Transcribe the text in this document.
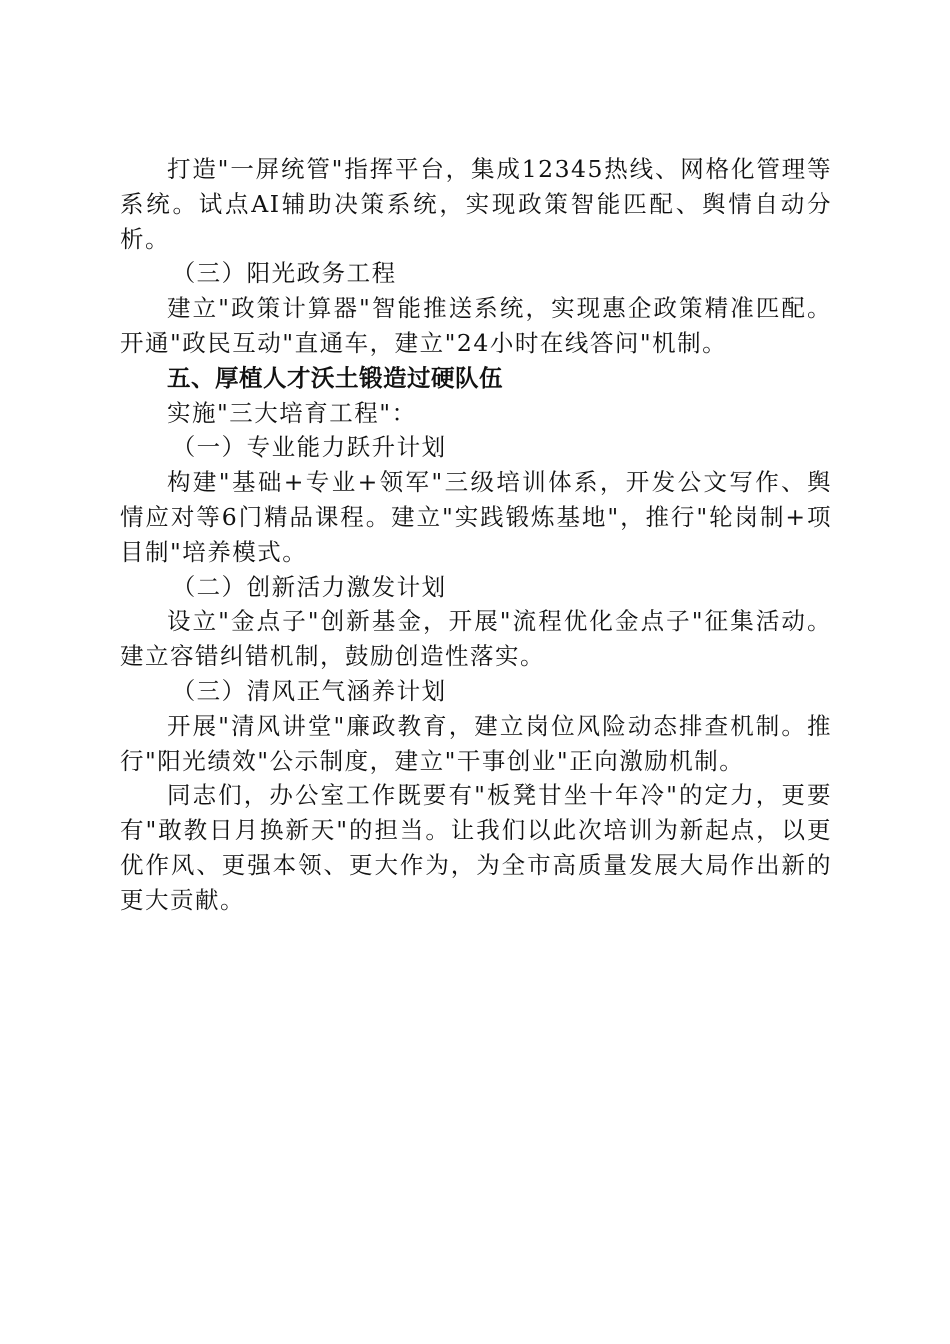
打造"一屏统管"指挥平台，集成12345热线、网格化管理等系统。试点AI辅助决策系统，实现政策智能匹配、舆情自动分析。

（三）阳光政务工程

建立"政策计算器"智能推送系统，实现惠企政策精准匹配。开通"政民互动"直通车，建立"24小时在线答问"机制。

五、厚植人才沃土锻造过硬队伍

实施"三大培育工程"：

（一）专业能力跃升计划

构建"基础+专业+领军"三级培训体系，开发公文写作、舆情应对等6门精品课程。建立"实践锻炼基地"，推行"轮岗制+项目制"培养模式。

（二）创新活力激发计划

设立"金点子"创新基金，开展"流程优化金点子"征集活动。建立容错纠错机制，鼓励创造性落实。

（三）清风正气涵养计划

开展"清风讲堂"廉政教育，建立岗位风险动态排查机制。推行"阳光绩效"公示制度，建立"干事创业"正向激励机制。

同志们，办公室工作既要有"板凳甘坐十年冷"的定力，更要有"敢教日月换新天"的担当。让我们以此次培训为新起点，以更优作风、更强本领、更大作为，为全市高质量发展大局作出新的更大贡献。
